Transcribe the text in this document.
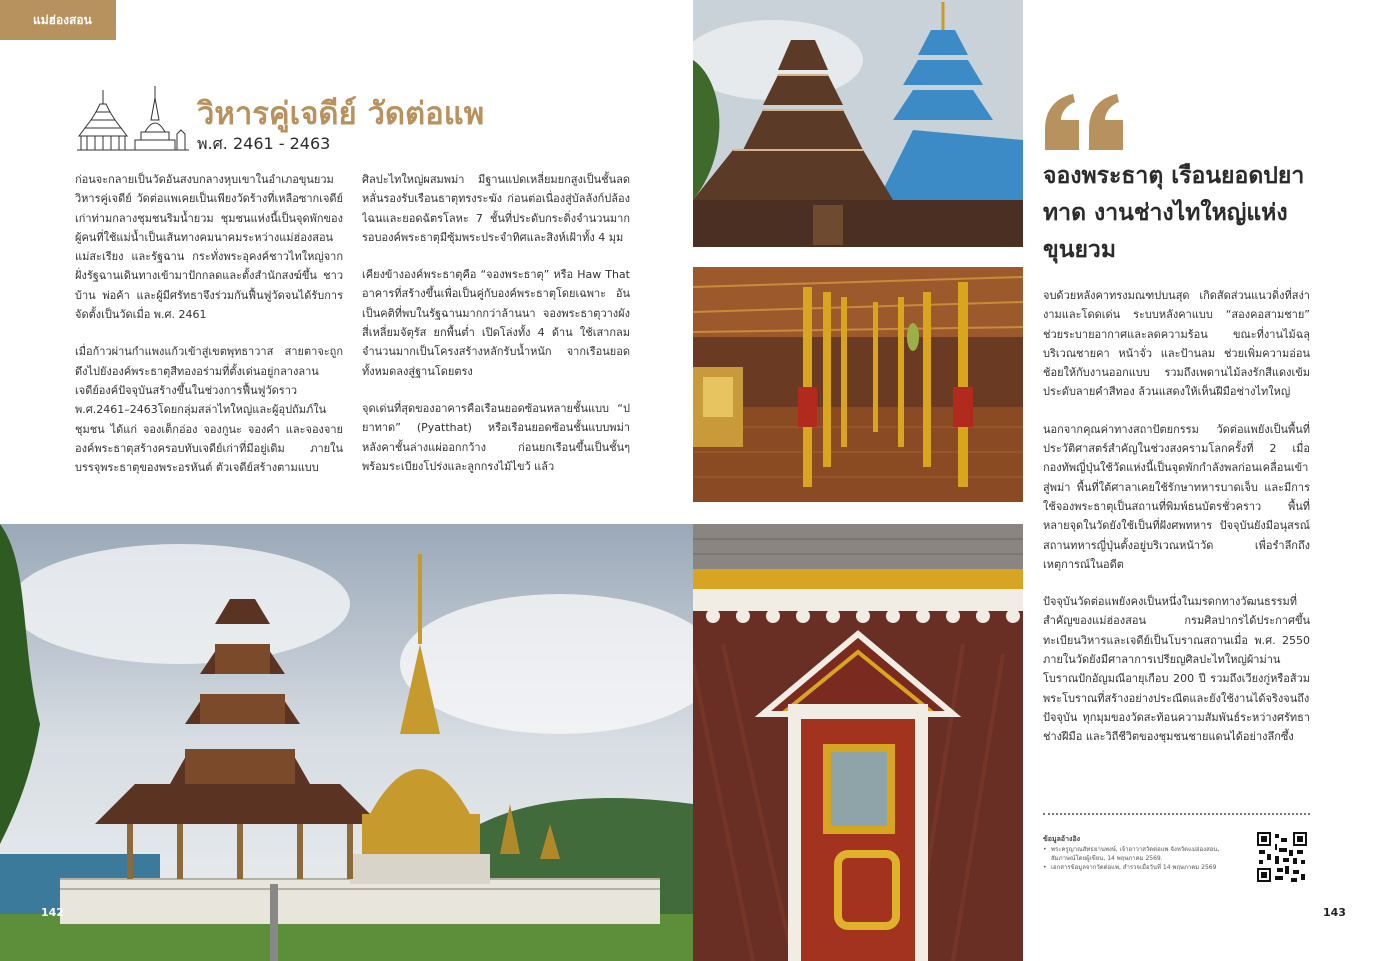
แม่ฮ่องสอน
วิหารคู่เจดีย์ วัดต่อแพ
พ.ศ. 2461 - 2463

ก่อนจะกลายเป็นวัดอันสงบกลางหุบเขาในอำเภอขุนยวม วิหารคู่เจดีย์ วัดต่อแพเคยเป็นเพียงวัดร้างที่เหลือซากเจดีย์เก่าท่ามกลางชุมชนริมน้ำยวม ชุมชนแห่งนี้เป็นจุดพักของผู้คนที่ใช้แม่น้ำเป็นเส้นทางคมนาคมระหว่างแม่ฮ่องสอน แม่สะเรียง และรัฐฉาน กระทั่งพระอุคงค์ชาวไทใหญ่จากฝั่งรัฐฉานเดินทางเข้ามาปักกลดและตั้งสำนักสงฆ์ขึ้น ชาวบ้าน พ่อค้า และผู้มีศรัทธาจึงร่วมกันฟื้นฟูวัดจนได้รับการจัดตั้งเป็นวัดเมื่อ พ.ศ. 2461

เมื่อก้าวผ่านกำแพงแก้วเข้าสู่เขตพุทธาวาส สายตาจะถูกดึงไปยังองค์พระธาตุสีทองอร่ามที่ตั้งเด่นอยู่กลางลาน เจดีย์องค์ปัจจุบันสร้างขึ้นในช่วงการฟื้นฟูวัดราว พ.ศ.2461–2463โดยกลุ่มสล่าไทใหญ่และผู้อุปถัมภ์ในชุมชน ได้แก่ จองเต็กอ่อง จองกูนะ จองคำ และจองจาย องค์พระธาตุสร้างครอบทับเจดีย์เก่าที่มีอยู่เดิม ภายในบรรจุพระธาตุของพระอรหันต์ ตัวเจดีย์สร้างตามแบบ

ศิลปะไทใหญ่ผสมพม่า มีฐานแปดเหลี่ยมยกสูงเป็นชั้นลดหลั่นรองรับเรือนธาตุทรงระฆัง ก่อนต่อเนื่องสู่บัลลังก์ปล้องไฉนและยอดฉัตรโลหะ 7 ชั้นที่ประดับกระดิ่งจำนวนมาก รอบองค์พระธาตุมีซุ้มพระประจำทิศและสิงห์เฝ้าทั้ง 4 มุม

เคียงข้างองค์พระธาตุคือ “จองพระธาตุ” หรือ Haw That อาคารที่สร้างขึ้นเพื่อเป็นคู่กับองค์พระธาตุโดยเฉพาะ อันเป็นคติที่พบในรัฐฉานมากกว่าล้านนา จองพระธาตุวางผังสี่เหลี่ยมจัตุรัส ยกพื้นต่ำ เปิดโล่งทั้ง 4 ด้าน ใช้เสากลมจำนวนมากเป็นโครงสร้างหลักรับน้ำหนัก จากเรือนยอดทั้งหมดลงสู่ฐานโดยตรง

จุดเด่นที่สุดของอาคารคือเรือนยอดซ้อนหลายชั้นแบบ “ปยาทาด” (Pyatthat) หรือเรือนยอดซ้อนชั้นแบบพม่า หลังคาชั้นล่างแผ่ออกกว้าง ก่อนยกเรือนขึ้นเป็นชั้นๆ พร้อมระเบียงโปร่งและลูกกรงไม้ไขว้ แล้ว

จองพระธาตุ เรือนยอดปยาทาด งานช่างไทใหญ่แห่งขุนยวม

จบด้วยหลังคาทรงมณฑปบนสุด เกิดสัดส่วนแนวดิ่งที่สง่างามและโดดเด่น ระบบหลังคาแบบ “สองคอสามชาย” ช่วยระบายอากาศและลดความร้อน ขณะที่งานไม้ฉลุบริเวณชายคา หน้าจั่ว และป้านลม ช่วยเพิ่มความอ่อนช้อยให้กับงานออกแบบ รวมถึงเพดานไม้ลงรักสีแดงเข้มประดับลายคำสีทอง ล้วนแสดงให้เห็นฝีมือช่างไทใหญ่

นอกจากคุณค่าทางสถาปัตยกรรม วัดต่อแพยังเป็นพื้นที่ประวัติศาสตร์สำคัญในช่วงสงครามโลกครั้งที่ 2 เมื่อกองทัพญี่ปุ่นใช้วัดแห่งนี้เป็นจุดพักกำลังพลก่อนเคลื่อนเข้าสู่พม่า พื้นที่ใต้ศาลาเคยใช้รักษาทหารบาดเจ็บ และมีการใช้จองพระธาตุเป็นสถานที่พิมพ์ธนบัตรชั่วคราว พื้นที่หลายจุดในวัดยังใช้เป็นที่ฝังศพทหาร ปัจจุบันยังมีอนุสรณ์สถานทหารญี่ปุ่นตั้งอยู่บริเวณหน้าวัด เพื่อรำลึกถึงเหตุการณ์ในอดีต

ปัจจุบันวัดต่อแพยังคงเป็นหนึ่งในมรดกทางวัฒนธรรมที่สำคัญของแม่ฮ่องสอน กรมศิลปากรได้ประกาศขึ้นทะเบียนวิหารและเจดีย์เป็นโบราณสถานเมื่อ พ.ศ. 2550 ภายในวัดยังมีศาลาการเปรียญศิลปะไทใหญ่ผ้าม่านโบราณปักอัญมณีอายุเกือบ 200 ปี รวมถึงเวียงกู่หรือส้วมพระโบราณที่สร้างอย่างประณีตและยังใช้งานได้จริงจนถึงปัจจุบัน ทุกมุมของวัดสะท้อนความสัมพันธ์ระหว่างศรัทธา ช่างฝีมือ และวิถีชีวิตของชุมชนชายแดนได้อย่างลึกซึ้ง

ข้อมูลอ้างอิง
• พระครูญาณสัทธยานพงษ์, เจ้าอาวาสวัดต่อแพ จังหวัดแม่ฮ่องสอน, สัมภาษณ์โดยผู้เขียน, 14 พฤษภาคม 2569.
• เอกสารข้อมูลจากวัดต่อแพ, สำรวจเมื่อวันที่ 14 พฤษภาคม 2569
142	143
